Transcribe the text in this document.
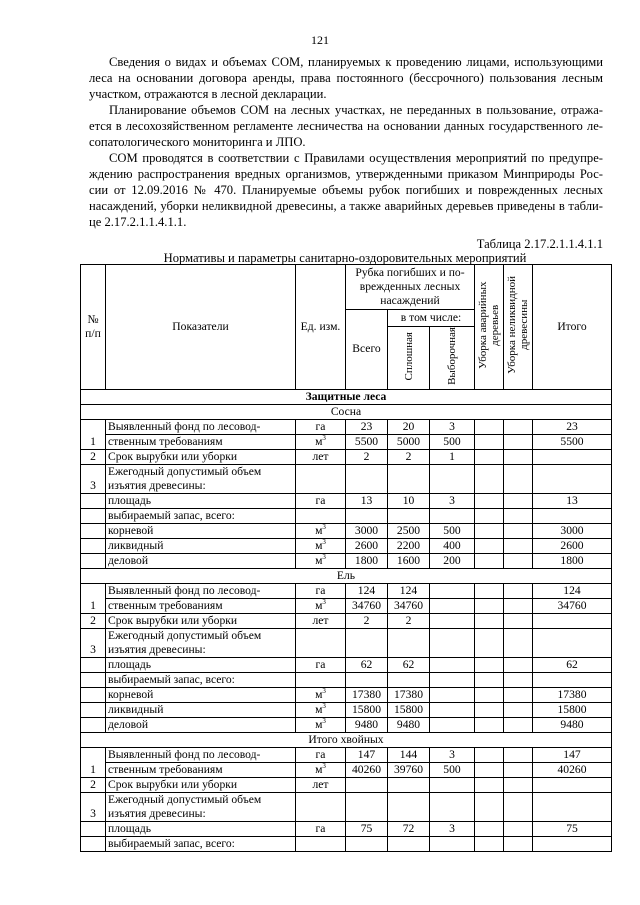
121

Сведения о видах и объемах СОМ, планируемых к проведению лицами, использующими леса на основании договора аренды, права постоянного (бессрочного) пользования лесным участком, отражаются в лесной декларации.

Планирование объемов СОМ на лесных участках, не переданных в пользование, отража-ется в лесохозяйственном регламенте лесничества на основании данных государственного ле-сопатологического мониторинга и ЛПО.

СОМ проводятся в соответствии с Правилами осуществления мероприятий по предупре-ждению распространения вредных организмов, утвержденными приказом Минприроды Рос-сии от 12.09.2016 № 470. Планируемые объемы рубок погибших и поврежденных лесных насаждений, уборки неликвидной древесины, а также аварийных деревьев приведены в табли-це 2.17.2.1.1.4.1.1.

Таблица 2.17.2.1.1.4.1.1
Нормативы и параметры санитарно-оздоровительных мероприятий
№ п/п	Показатели	Ед. изм.	Рубка погибших и по-врежденных лесных насаждений			Уборка аварийных деревьев	Уборка неликвидной древесины	Итого
			Всего	в том числе:				
				Сплошная	Выборочная			
Защитные леса								
Сосна								
1	Выявленный фонд по лесовод-	га	23	20	3			23
	ственным требованиям	$м^3$	5500	5000	500			5500
2	Срок вырубки или уборки	лет	2	2	1			
3	Ежегодный допустимый объем
изъятия древесины:							
	площадь	га	13	10	3			13
	выбираемый запас, всего:							
	корневой	$м^3$	3000	2500	500			3000
	ликвидный	$м^3$	2600	2200	400			2600
	деловой	$м^3$	1800	1600	200			1800
Ель								
1	Выявленный фонд по лесовод-	га	124	124				124
	ственным требованиям	$м^3$	34760	34760				34760
2	Срок вырубки или уборки	лет	2	2				
3	Ежегодный допустимый объем
изъятия древесины:							
	площадь	га	62	62				62
	выбираемый запас, всего:							
	корневой	$м^3$	17380	17380				17380
	ликвидный	$м^3$	15800	15800				15800
	деловой	$м^3$	9480	9480				9480
Итого хвойных								
1	Выявленный фонд по лесовод-	га	147	144	3			147
	ственным требованиям	$м^3$	40260	39760	500			40260
2	Срок вырубки или уборки	лет						
3	Ежегодный допустимый объем
изъятия древесины:							
	площадь	га	75	72	3			75
	выбираемый запас, всего:							
